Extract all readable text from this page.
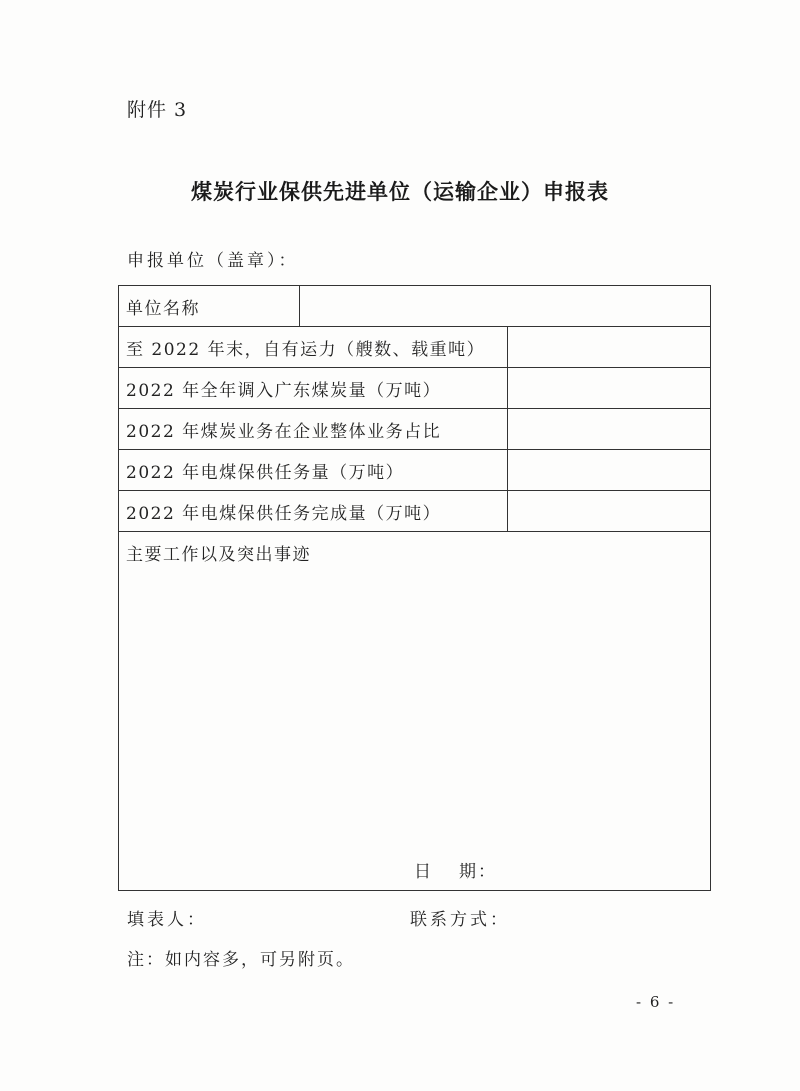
附件 3
煤炭行业保供先进单位（运输企业）申报表
申报单位（盖章）：
单位名称		
至 2022 年末，自有运力（艘数、载重吨）		
2022 年全年调入广东煤炭量（万吨）		
2022 年煤炭业务在企业整体业务占比		
2022 年电煤保供任务量（万吨）		
2022 年电煤保供任务完成量（万吨）		

主要工作以及突出事迹
日 期：		
填表人：	联系方式：
注：如内容多，可另附页。
- 6 -
